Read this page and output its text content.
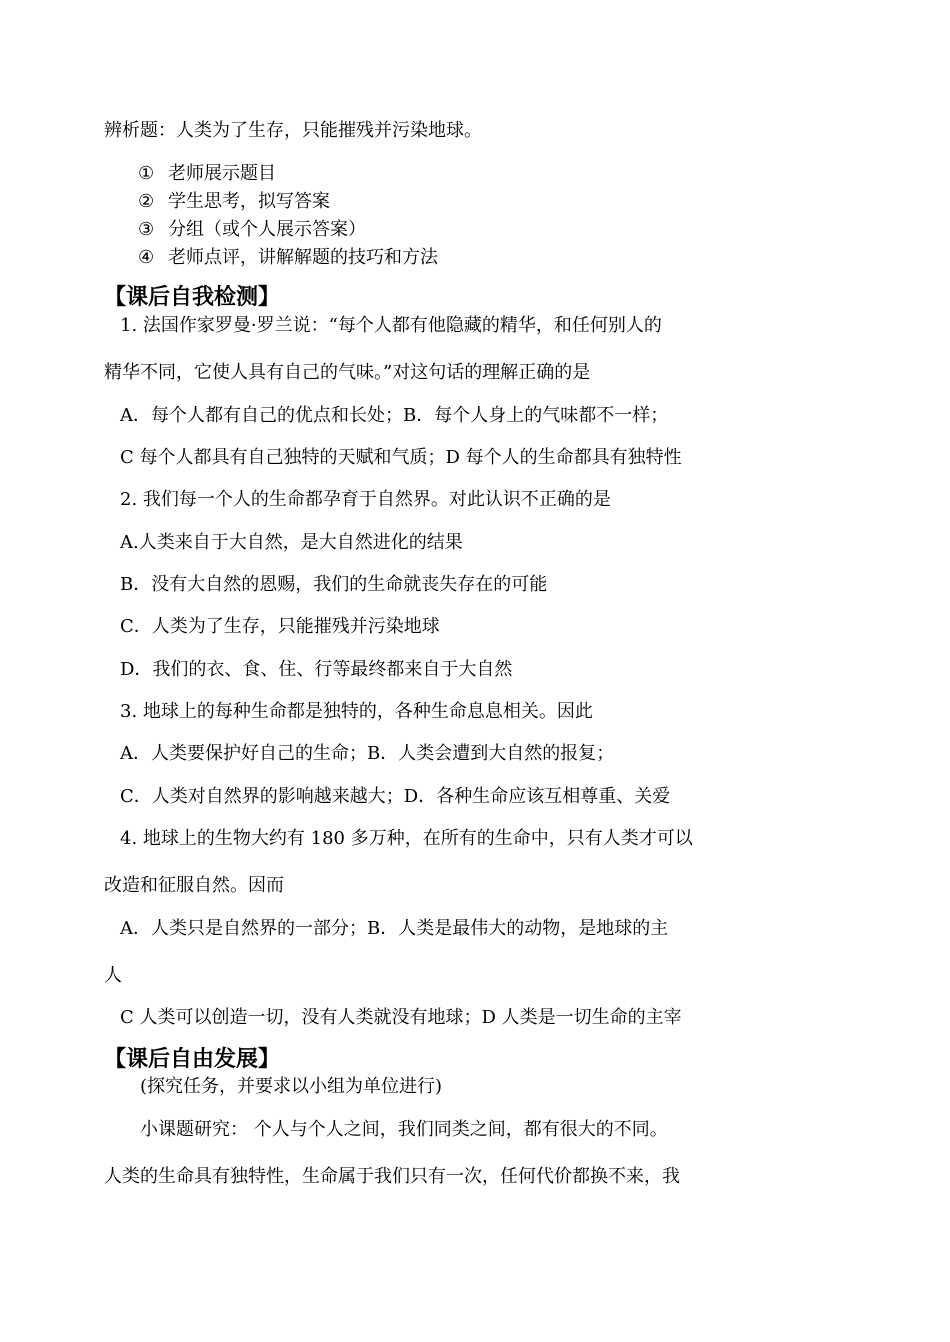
辨析题：人类为了生存，只能摧残并污染地球。
① 老师展示题目
② 学生思考，拟写答案
③ 分组（或个人展示答案）
④ 老师点评，讲解解题的技巧和方法
【课后自我检测】
1. 法国作家罗曼·罗兰说：“每个人都有他隐藏的精华，和任何别人的
精华不同，它使人具有自己的气味。”对这句话的理解正确的是
A．每个人都有自己的优点和长处；B．每个人身上的气味都不一样；
C 每个人都具有自己独特的天赋和气质；D 每个人的生命都具有独特性
2. 我们每一个人的生命都孕育于自然界。对此认识不正确的是
A.人类来自于大自然，是大自然进化的结果
B．没有大自然的恩赐，我们的生命就丧失存在的可能
C．人类为了生存，只能摧残并污染地球
D．我们的衣、食、住、行等最终都来自于大自然
3. 地球上的每种生命都是独特的，各种生命息息相关。因此
A．人类要保护好自己的生命；B．人类会遭到大自然的报复；
C．人类对自然界的影响越来越大；D．各种生命应该互相尊重、关爱
4. 地球上的生物大约有 180 多万种，在所有的生命中，只有人类才可以
改造和征服自然。因而
A．人类只是自然界的一部分；B．人类是最伟大的动物，是地球的主
人
C 人类可以创造一切，没有人类就没有地球；D 人类是一切生命的主宰
【课后自由发展】
(探究任务，并要求以小组为单位进行)
小课题研究： 个人与个人之间，我们同类之间，都有很大的不同。
人类的生命具有独特性，生命属于我们只有一次，任何代价都换不来，我
